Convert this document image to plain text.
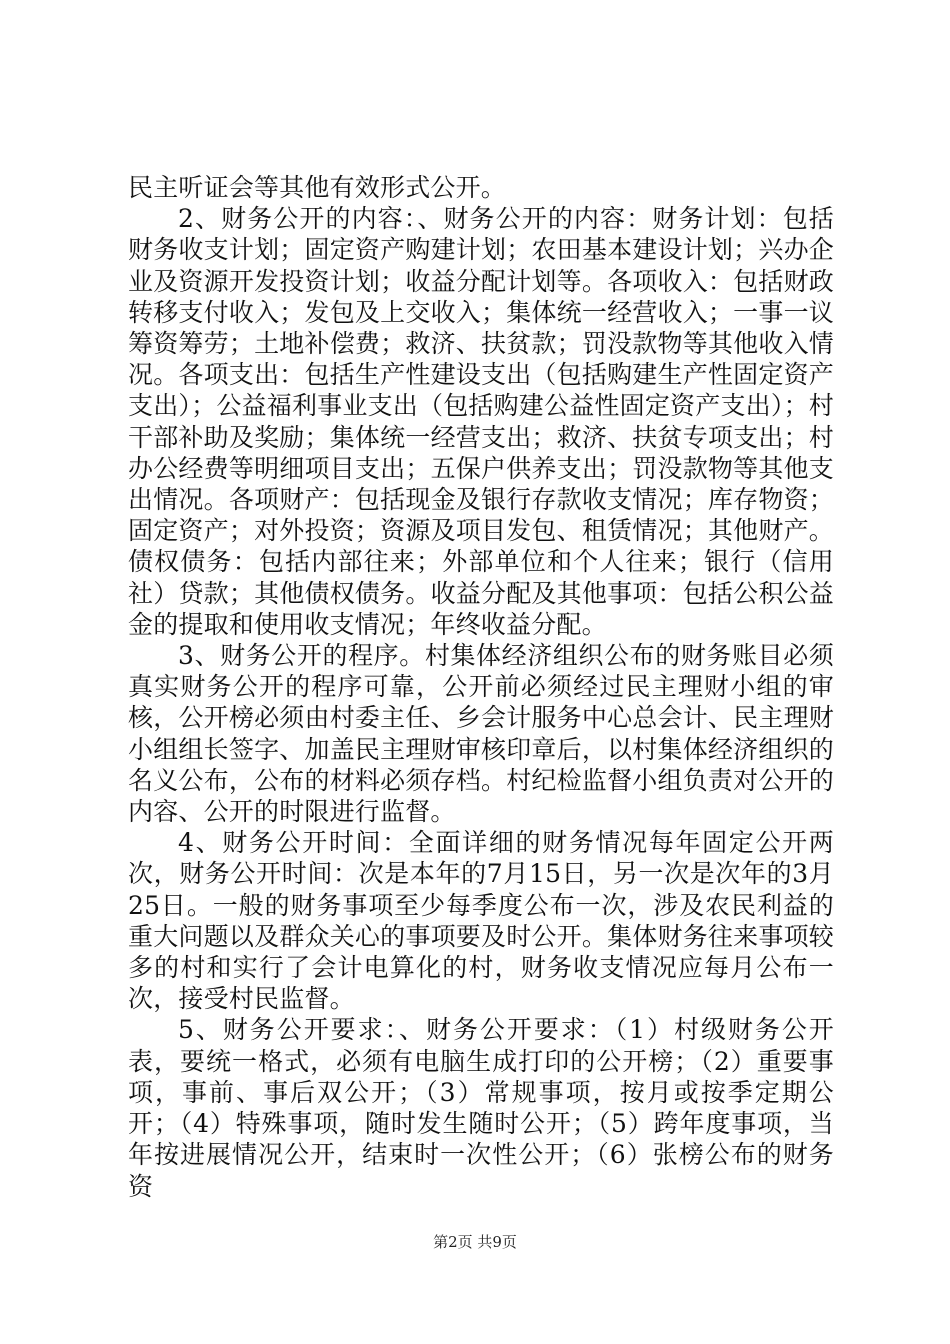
民主听证会等其他有效形式公开。

2、财务公开的内容：、财务公开的内容：财务计划：包括财务收支计划；固定资产购建计划；农田基本建设计划；兴办企业及资源开发投资计划；收益分配计划等。各项收入：包括财政转移支付收入；发包及上交收入；集体统一经营收入；一事一议筹资筹劳；土地补偿费；救济、扶贫款；罚没款物等其他收入情况。各项支出：包括生产性建设支出（包括购建生产性固定资产支出）；公益福利事业支出（包括购建公益性固定资产支出）；村干部补助及奖励；集体统一经营支出；救济、扶贫专项支出；村办公经费等明细项目支出；五保户供养支出；罚没款物等其他支出情况。各项财产：包括现金及银行存款收支情况；库存物资；固定资产；对外投资；资源及项目发包、租赁情况；其他财产。债权债务：包括内部往来；外部单位和个人往来；银行（信用社）贷款；其他债权债务。收益分配及其他事项：包括公积公益金的提取和使用收支情况；年终收益分配。

3、财务公开的程序。村集体经济组织公布的财务账目必须真实财务公开的程序可靠，公开前必须经过民主理财小组的审核，公开榜必须由村委主任、乡会计服务中心总会计、民主理财小组组长签字、加盖民主理财审核印章后，以村集体经济组织的名义公布，公布的材料必须存档。村纪检监督小组负责对公开的内容、公开的时限进行监督。

4、财务公开时间：全面详细的财务情况每年固定公开两次，财务公开时间：次是本年的7月15日，另一次是次年的3月25日。一般的财务事项至少每季度公布一次，涉及农民利益的重大问题以及群众关心的事项要及时公开。集体财务往来事项较多的村和实行了会计电算化的村，财务收支情况应每月公布一次，接受村民监督。

5、财务公开要求：、财务公开要求：（1）村级财务公开表，要统一格式，必须有电脑生成打印的公开榜；（2）重要事项，事前、事后双公开；（3）常规事项，按月或按季定期公开；（4）特殊事项，随时发生随时公开；（5）跨年度事项，当年按进展情况公开，结束时一次性公开；（6）张榜公布的财务资

第2页 共9页
